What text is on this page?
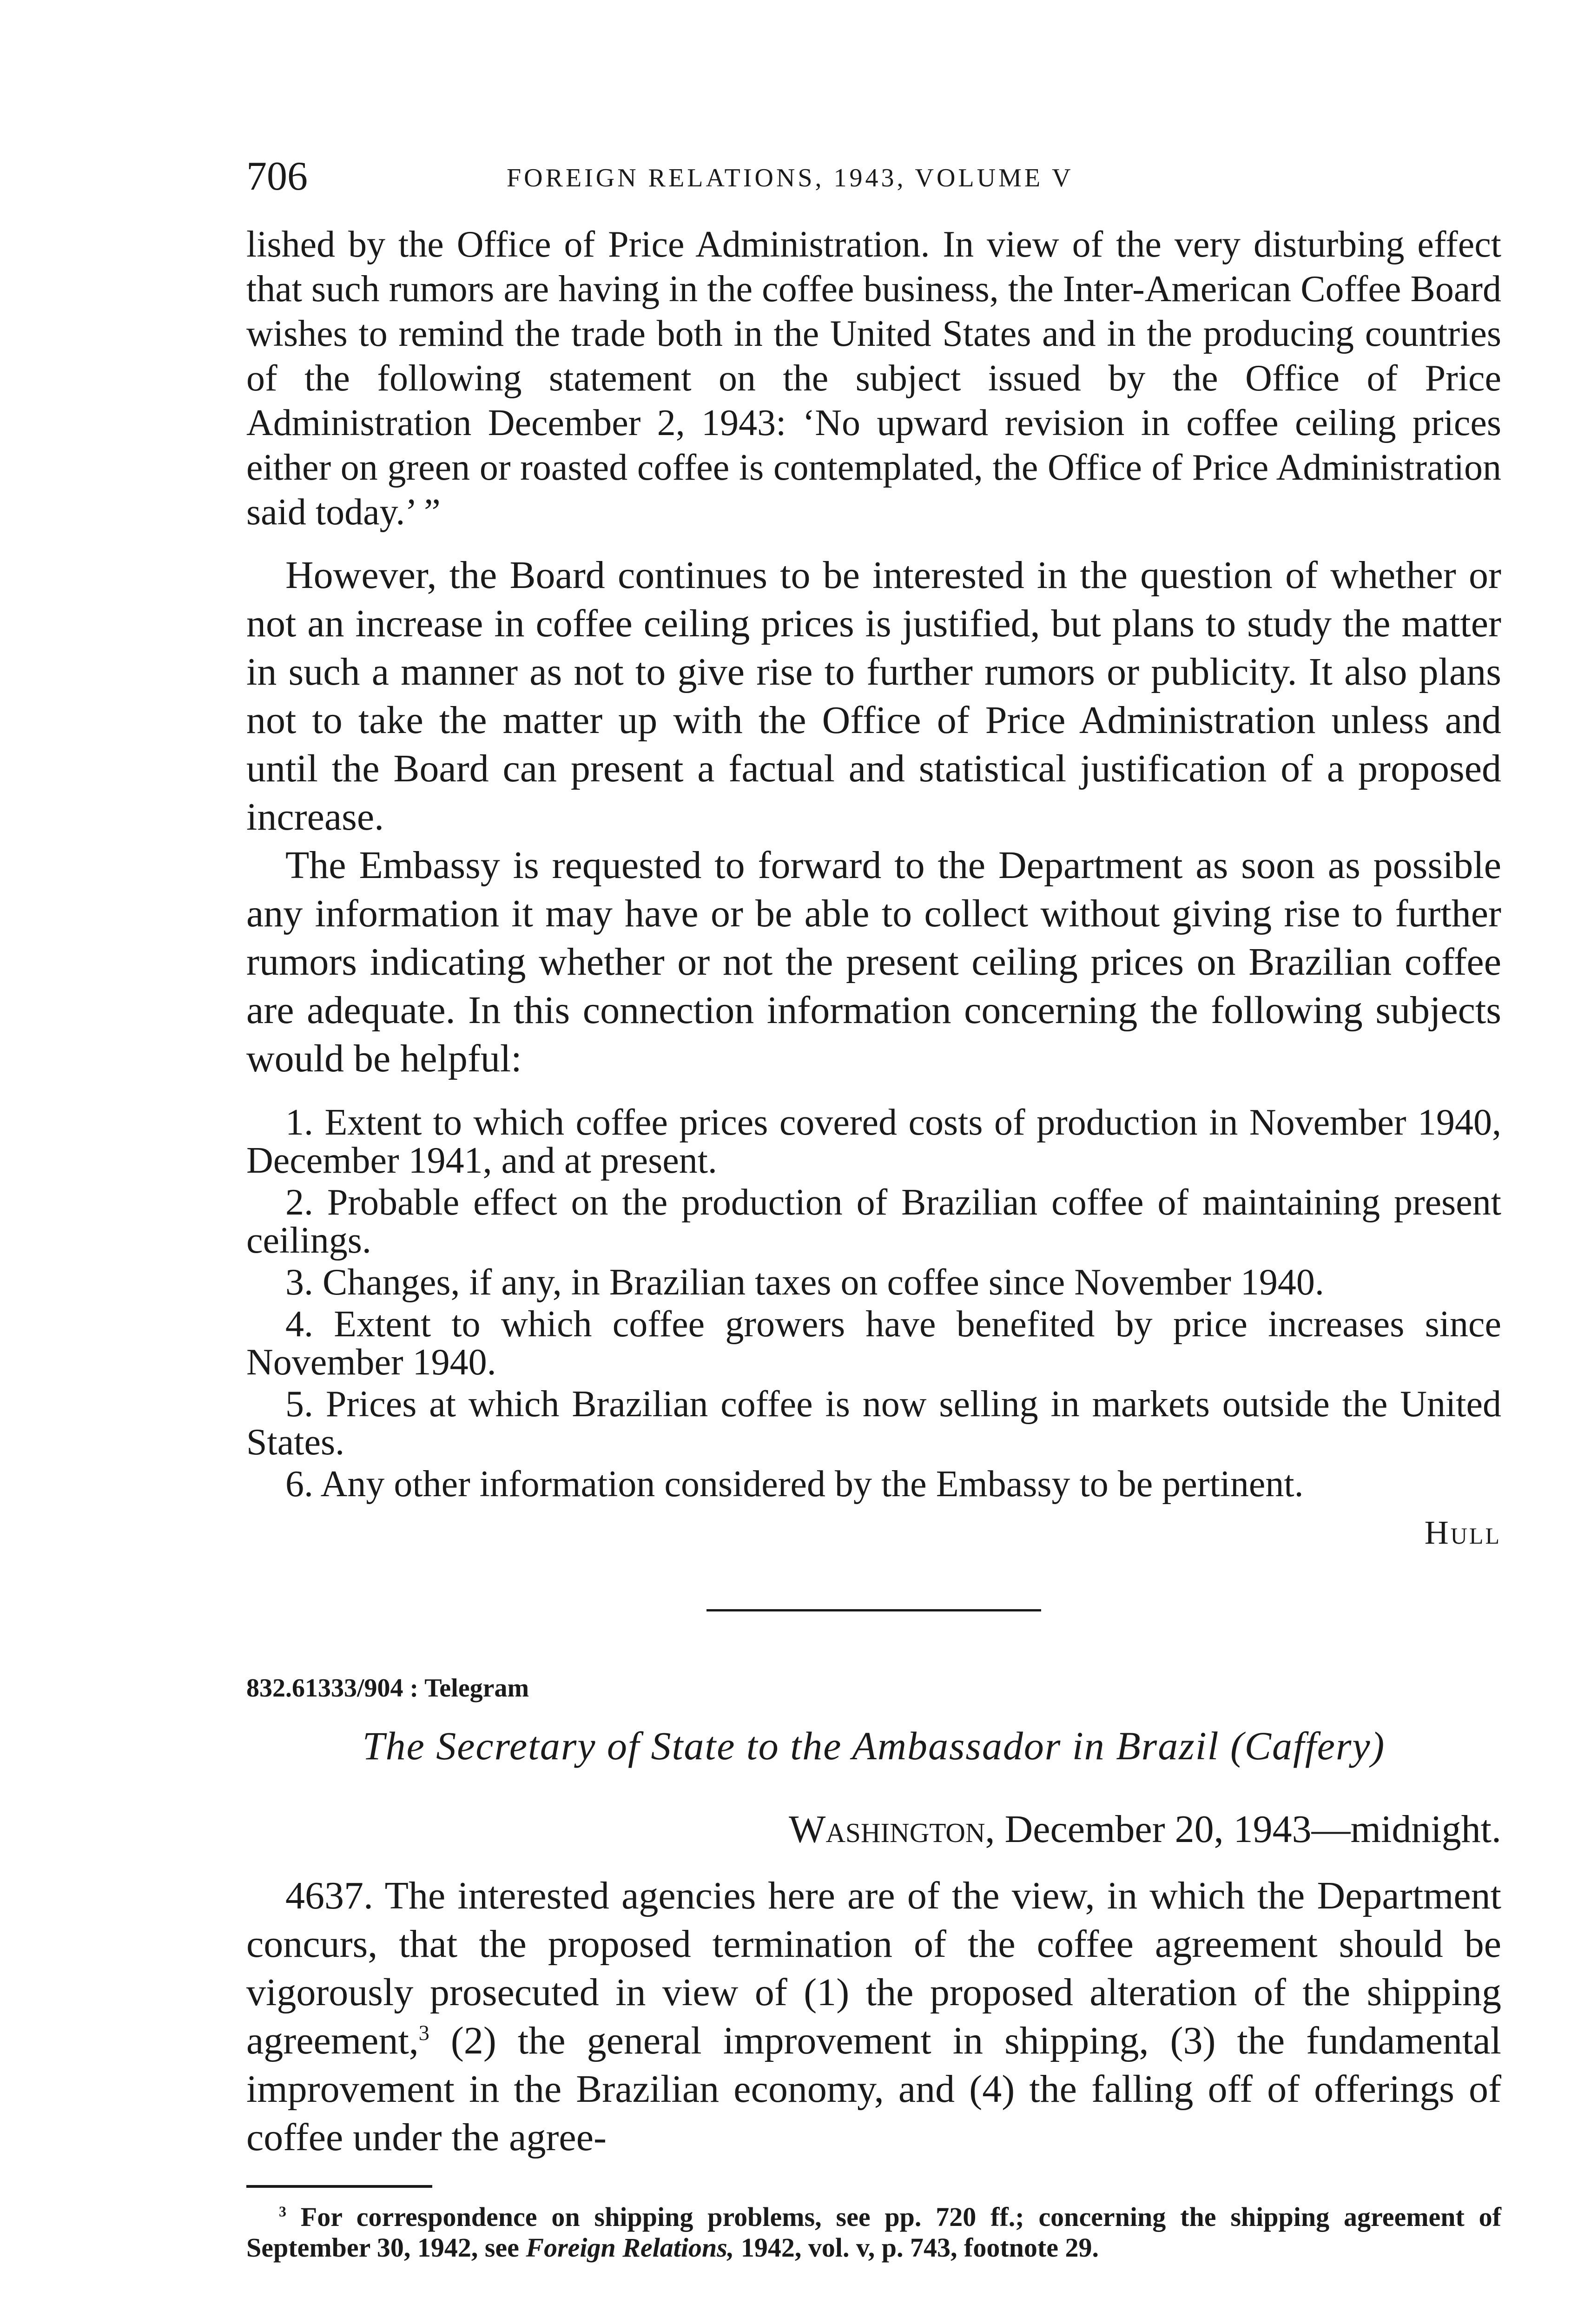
706	FOREIGN RELATIONS, 1943, VOLUME V

lished by the Office of Price Administration. In view of the very disturbing effect that such rumors are having in the coffee business, the Inter-American Coffee Board wishes to remind the trade both in the United States and in the producing countries of the following statement on the subject issued by the Office of Price Administration December 2, 1943: ‘No upward revision in coffee ceiling prices either on green or roasted coffee is contemplated, the Office of Price Administration said today.’ ”

However, the Board continues to be interested in the question of whether or not an increase in coffee ceiling prices is justified, but plans to study the matter in such a manner as not to give rise to further rumors or publicity. It also plans not to take the matter up with the Office of Price Administration unless and until the Board can present a factual and statistical justification of a proposed increase.

The Embassy is requested to forward to the Department as soon as possible any information it may have or be able to collect without giving rise to further rumors indicating whether or not the present ceiling prices on Brazilian coffee are adequate. In this connection information concerning the following subjects would be helpful:

1. Extent to which coffee prices covered costs of production in November 1940, December 1941, and at present.
2. Probable effect on the production of Brazilian coffee of maintaining present ceilings.
3. Changes, if any, in Brazilian taxes on coffee since November 1940.
4. Extent to which coffee growers have benefited by price increases since November 1940.
5. Prices at which Brazilian coffee is now selling in markets outside the United States.
6. Any other information considered by the Embassy to be pertinent.

Hull

832.61333/904 : Telegram

The Secretary of State to the Ambassador in Brazil (Caffery)

Washington, December 20, 1943—midnight.

4637. The interested agencies here are of the view, in which the Department concurs, that the proposed termination of the coffee agreement should be vigorously prosecuted in view of (1) the proposed alteration of the shipping agreement,$^3$ (2) the general improvement in shipping, (3) the fundamental improvement in the Brazilian economy, and (4) the falling off of offerings of coffee under the agree-

$^3$ For correspondence on shipping problems, see pp. 720 ff.; concerning the shipping agreement of September 30, 1942, see Foreign Relations, 1942, vol. v, p. 743, footnote 29.
